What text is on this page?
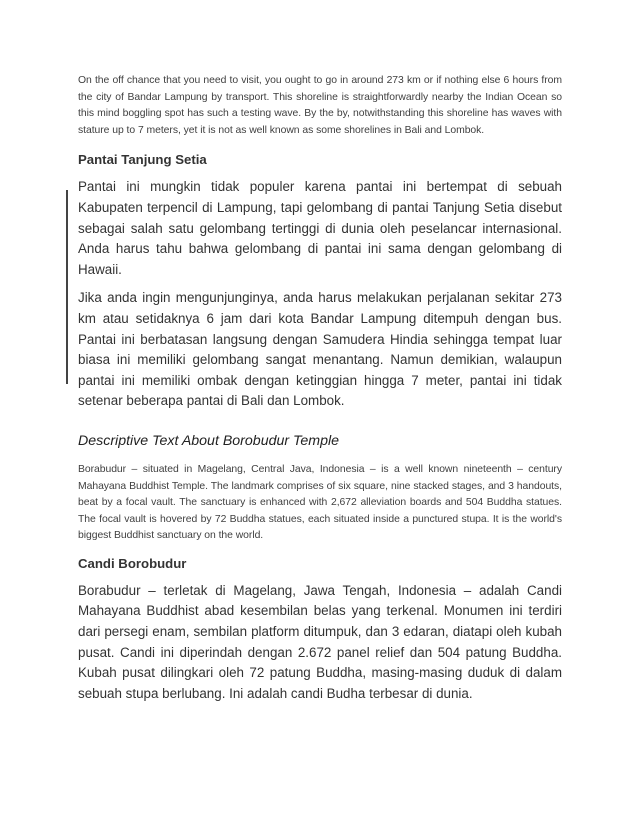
On the off chance that you need to visit, you ought to go in around 273 km or if nothing else 6 hours from the city of Bandar Lampung by transport. This shoreline is straightforwardly nearby the Indian Ocean so this mind boggling spot has such a testing wave. By the by, notwithstanding this shoreline has waves with stature up to 7 meters, yet it is not as well known as some shorelines in Bali and Lombok.

Pantai Tanjung Setia

Pantai ini mungkin tidak populer karena pantai ini bertempat di sebuah Kabupaten terpencil di Lampung, tapi gelombang di pantai Tanjung Setia disebut sebagai salah satu gelombang tertinggi di dunia oleh peselancar internasional. Anda harus tahu bahwa gelombang di pantai ini sama dengan gelombang di Hawaii.

Jika anda ingin mengunjunginya, anda harus melakukan perjalanan sekitar 273 km atau setidaknya 6 jam dari kota Bandar Lampung ditempuh dengan bus. Pantai ini berbatasan langsung dengan Samudera Hindia sehingga tempat luar biasa ini memiliki gelombang sangat menantang. Namun demikian, walaupun pantai ini memiliki ombak dengan ketinggian hingga 7 meter, pantai ini tidak setenar beberapa pantai di Bali dan Lombok.

Descriptive Text About Borobudur Temple

Borabudur – situated in Magelang, Central Java, Indonesia – is a well known nineteenth – century Mahayana Buddhist Temple. The landmark comprises of six square, nine stacked stages, and 3 handouts, beat by a focal vault. The sanctuary is enhanced with 2,672 alleviation boards and 504 Buddha statues. The focal vault is hovered by 72 Buddha statues, each situated inside a punctured stupa. It is the world's biggest Buddhist sanctuary on the world.

Candi Borobudur

Borabudur – terletak di Magelang, Jawa Tengah, Indonesia – adalah Candi Mahayana Buddhist abad kesembilan belas yang terkenal. Monumen ini terdiri dari persegi enam, sembilan platform ditumpuk, dan 3 edaran, diatapi oleh kubah pusat. Candi ini diperindah dengan 2.672 panel relief dan 504 patung Buddha. Kubah pusat dilingkari oleh 72 patung Buddha, masing-masing duduk di dalam sebuah stupa berlubang. Ini adalah candi Budha terbesar di dunia.
